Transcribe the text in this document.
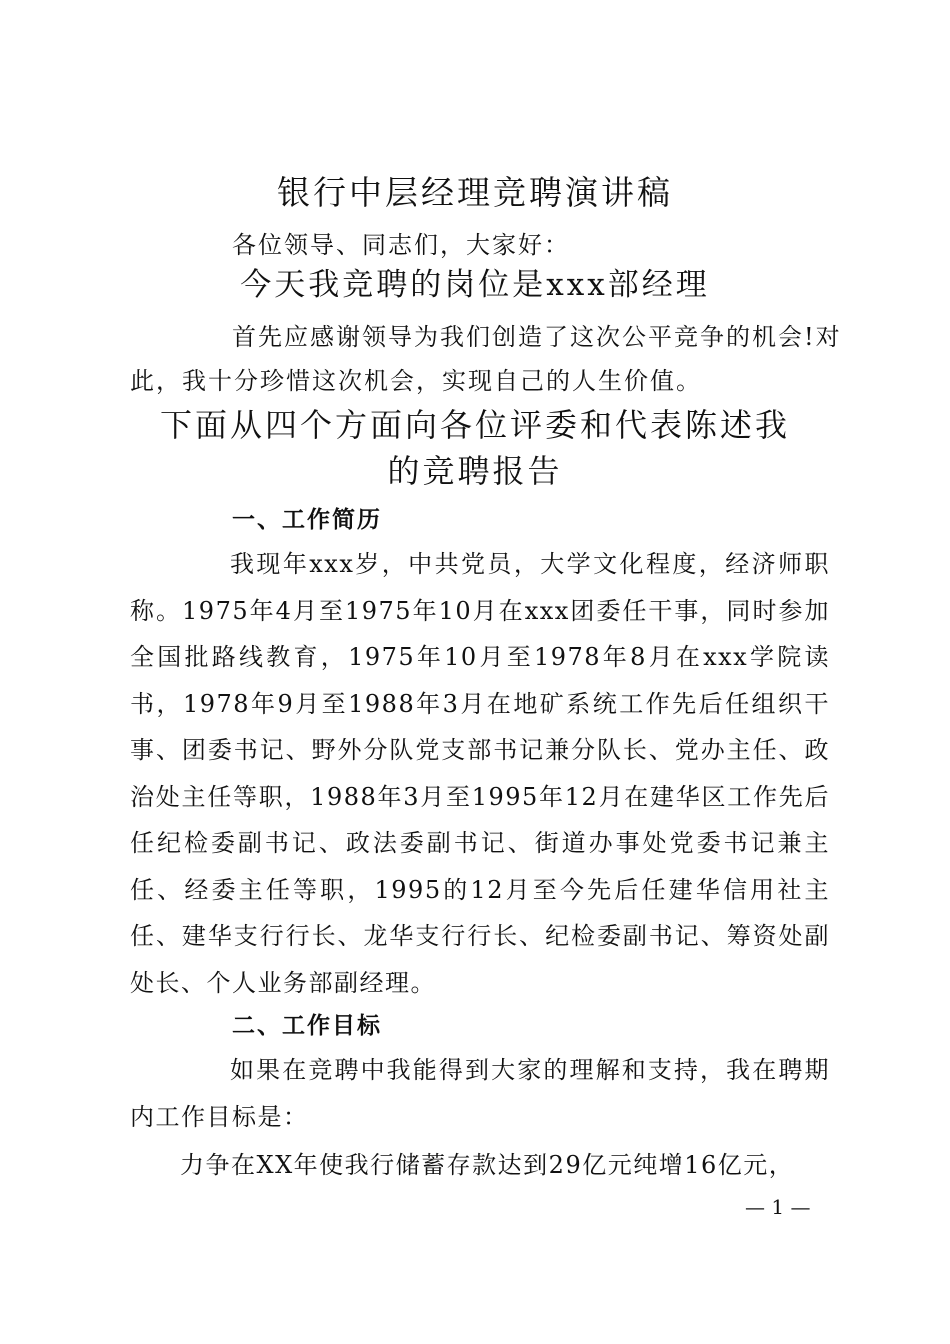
银行中层经理竞聘演讲稿
各位领导、同志们，大家好：
今天我竞聘的岗位是xxx部经理
首先应感谢领导为我们创造了这次公平竞争的机会!对
此，我十分珍惜这次机会，实现自己的人生价值。
下面从四个方面向各位评委和代表陈述我
的竞聘报告
一、工作简历

我现年xxx岁，中共党员，大学文化程度，经济师职称。1975年4月至1975年10月在xxx团委任干事，同时参加全国批路线教育，1975年10月至1978年8月在xxx学院读书，1978年9月至1988年3月在地矿系统工作先后任组织干事、团委书记、野外分队党支部书记兼分队长、党办主任、政治处主任等职，1988年3月至1995年12月在建华区工作先后任纪检委副书记、政法委副书记、街道办事处党委书记兼主任、经委主任等职，1995的12月至今先后任建华信用社主任、建华支行行长、龙华支行行长、纪检委副书记、筹资处副处长、个人业务部副经理。

二、工作目标

如果在竞聘中我能得到大家的理解和支持，我在聘期内工作目标是：

力争在XX年使我行储蓄存款达到29亿元纯增16亿元，
— 1 —
